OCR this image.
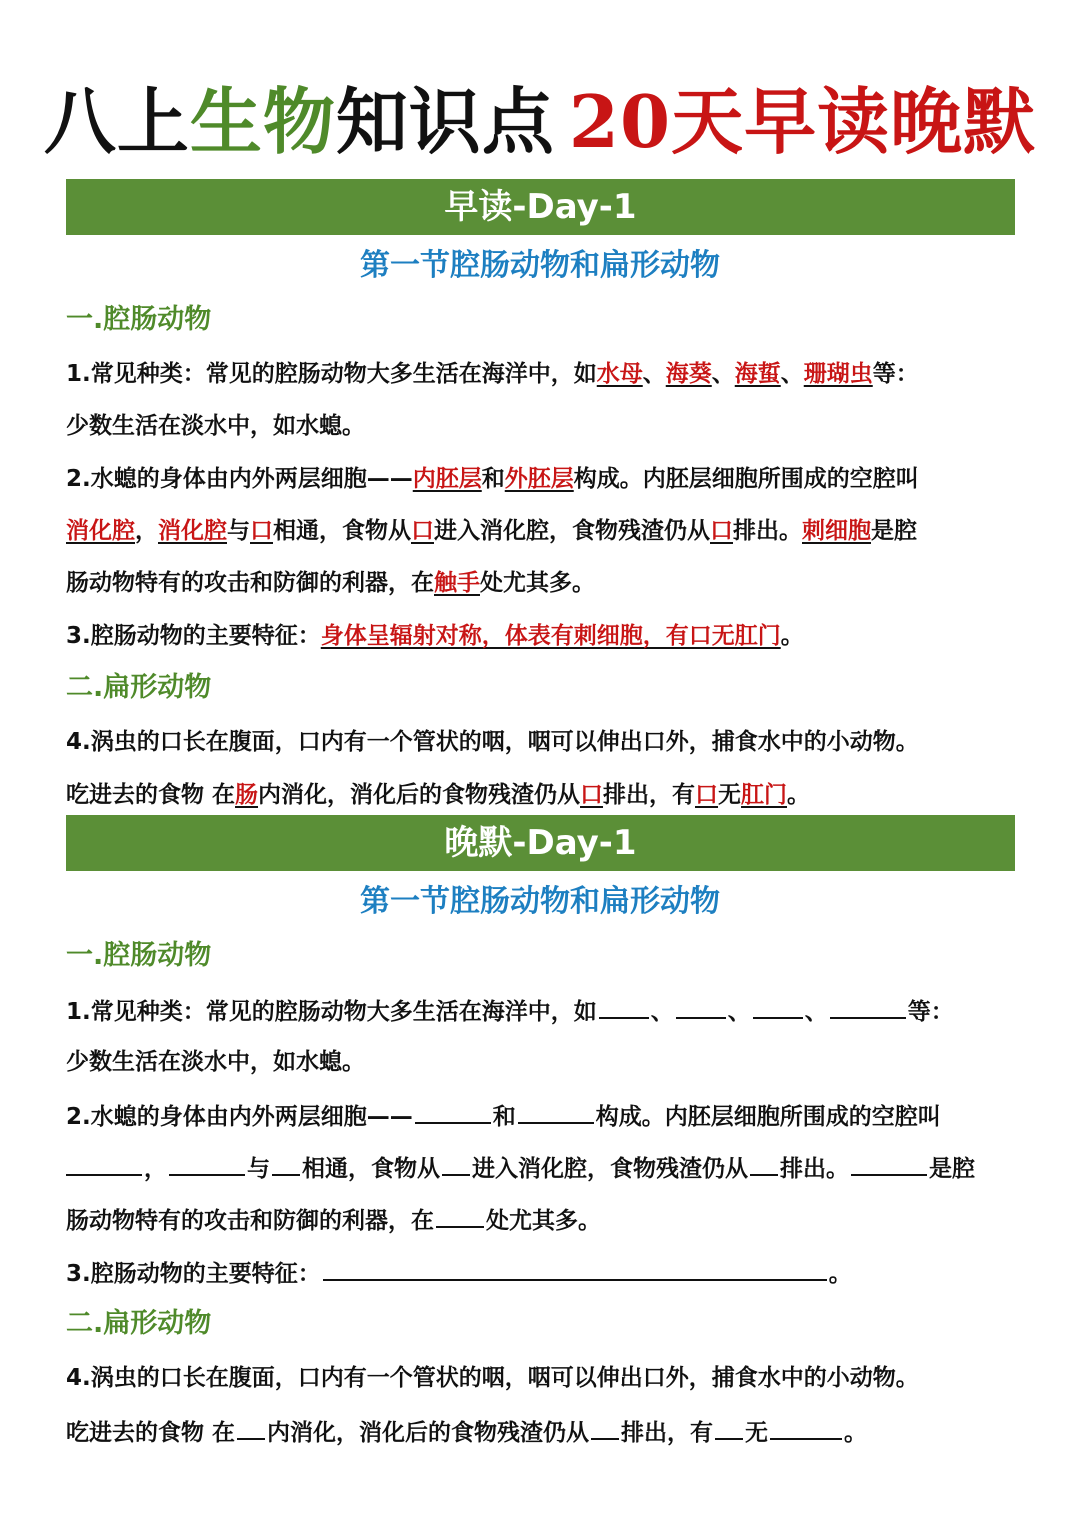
八上生物知识点 20天早读晚默
早读-Day-1
第一节腔肠动物和扁形动物
一.腔肠动物
1.常见种类：常见的腔肠动物大多生活在海洋中，如水母、海葵、海蜇、珊瑚虫等：
少数生活在淡水中，如水螅。
2.水螅的身体由内外两层细胞——内胚层和外胚层构成。内胚层细胞所围成的空腔叫
消化腔，消化腔与口相通，食物从口进入消化腔，食物残渣仍从口排出。刺细胞是腔
肠动物特有的攻击和防御的利器，在触手处尤其多。
3.腔肠动物的主要特征：身体呈辐射对称，体表有刺细胞，有口无肛门。
二.扁形动物
4.涡虫的口长在腹面，口内有一个管状的咽，咽可以伸出口外，捕食水中的小动物。
吃进去的食物 在肠内消化，消化后的食物残渣仍从口排出，有口无肛门。
晚默-Day-1
第一节腔肠动物和扁形动物
一.腔肠动物
1.常见种类：常见的腔肠动物大多生活在海洋中，如 、 、 、	等：
少数生活在淡水中，如水螅。
2.水螅的身体由内外两层细胞——	和	构成。内胚层细胞所围成的空腔叫
，	与 相通，食物从 进入消化腔，食物残渣仍从 排出。	是腔
肠动物特有的攻击和防御的利器，在 处尤其多。
3.腔肠动物的主要特征：	。
二.扁形动物
4.涡虫的口长在腹面，口内有一个管状的咽，咽可以伸出口外，捕食水中的小动物。
吃进去的食物 在 内消化，消化后的食物残渣仍从 排出，有 无	。
